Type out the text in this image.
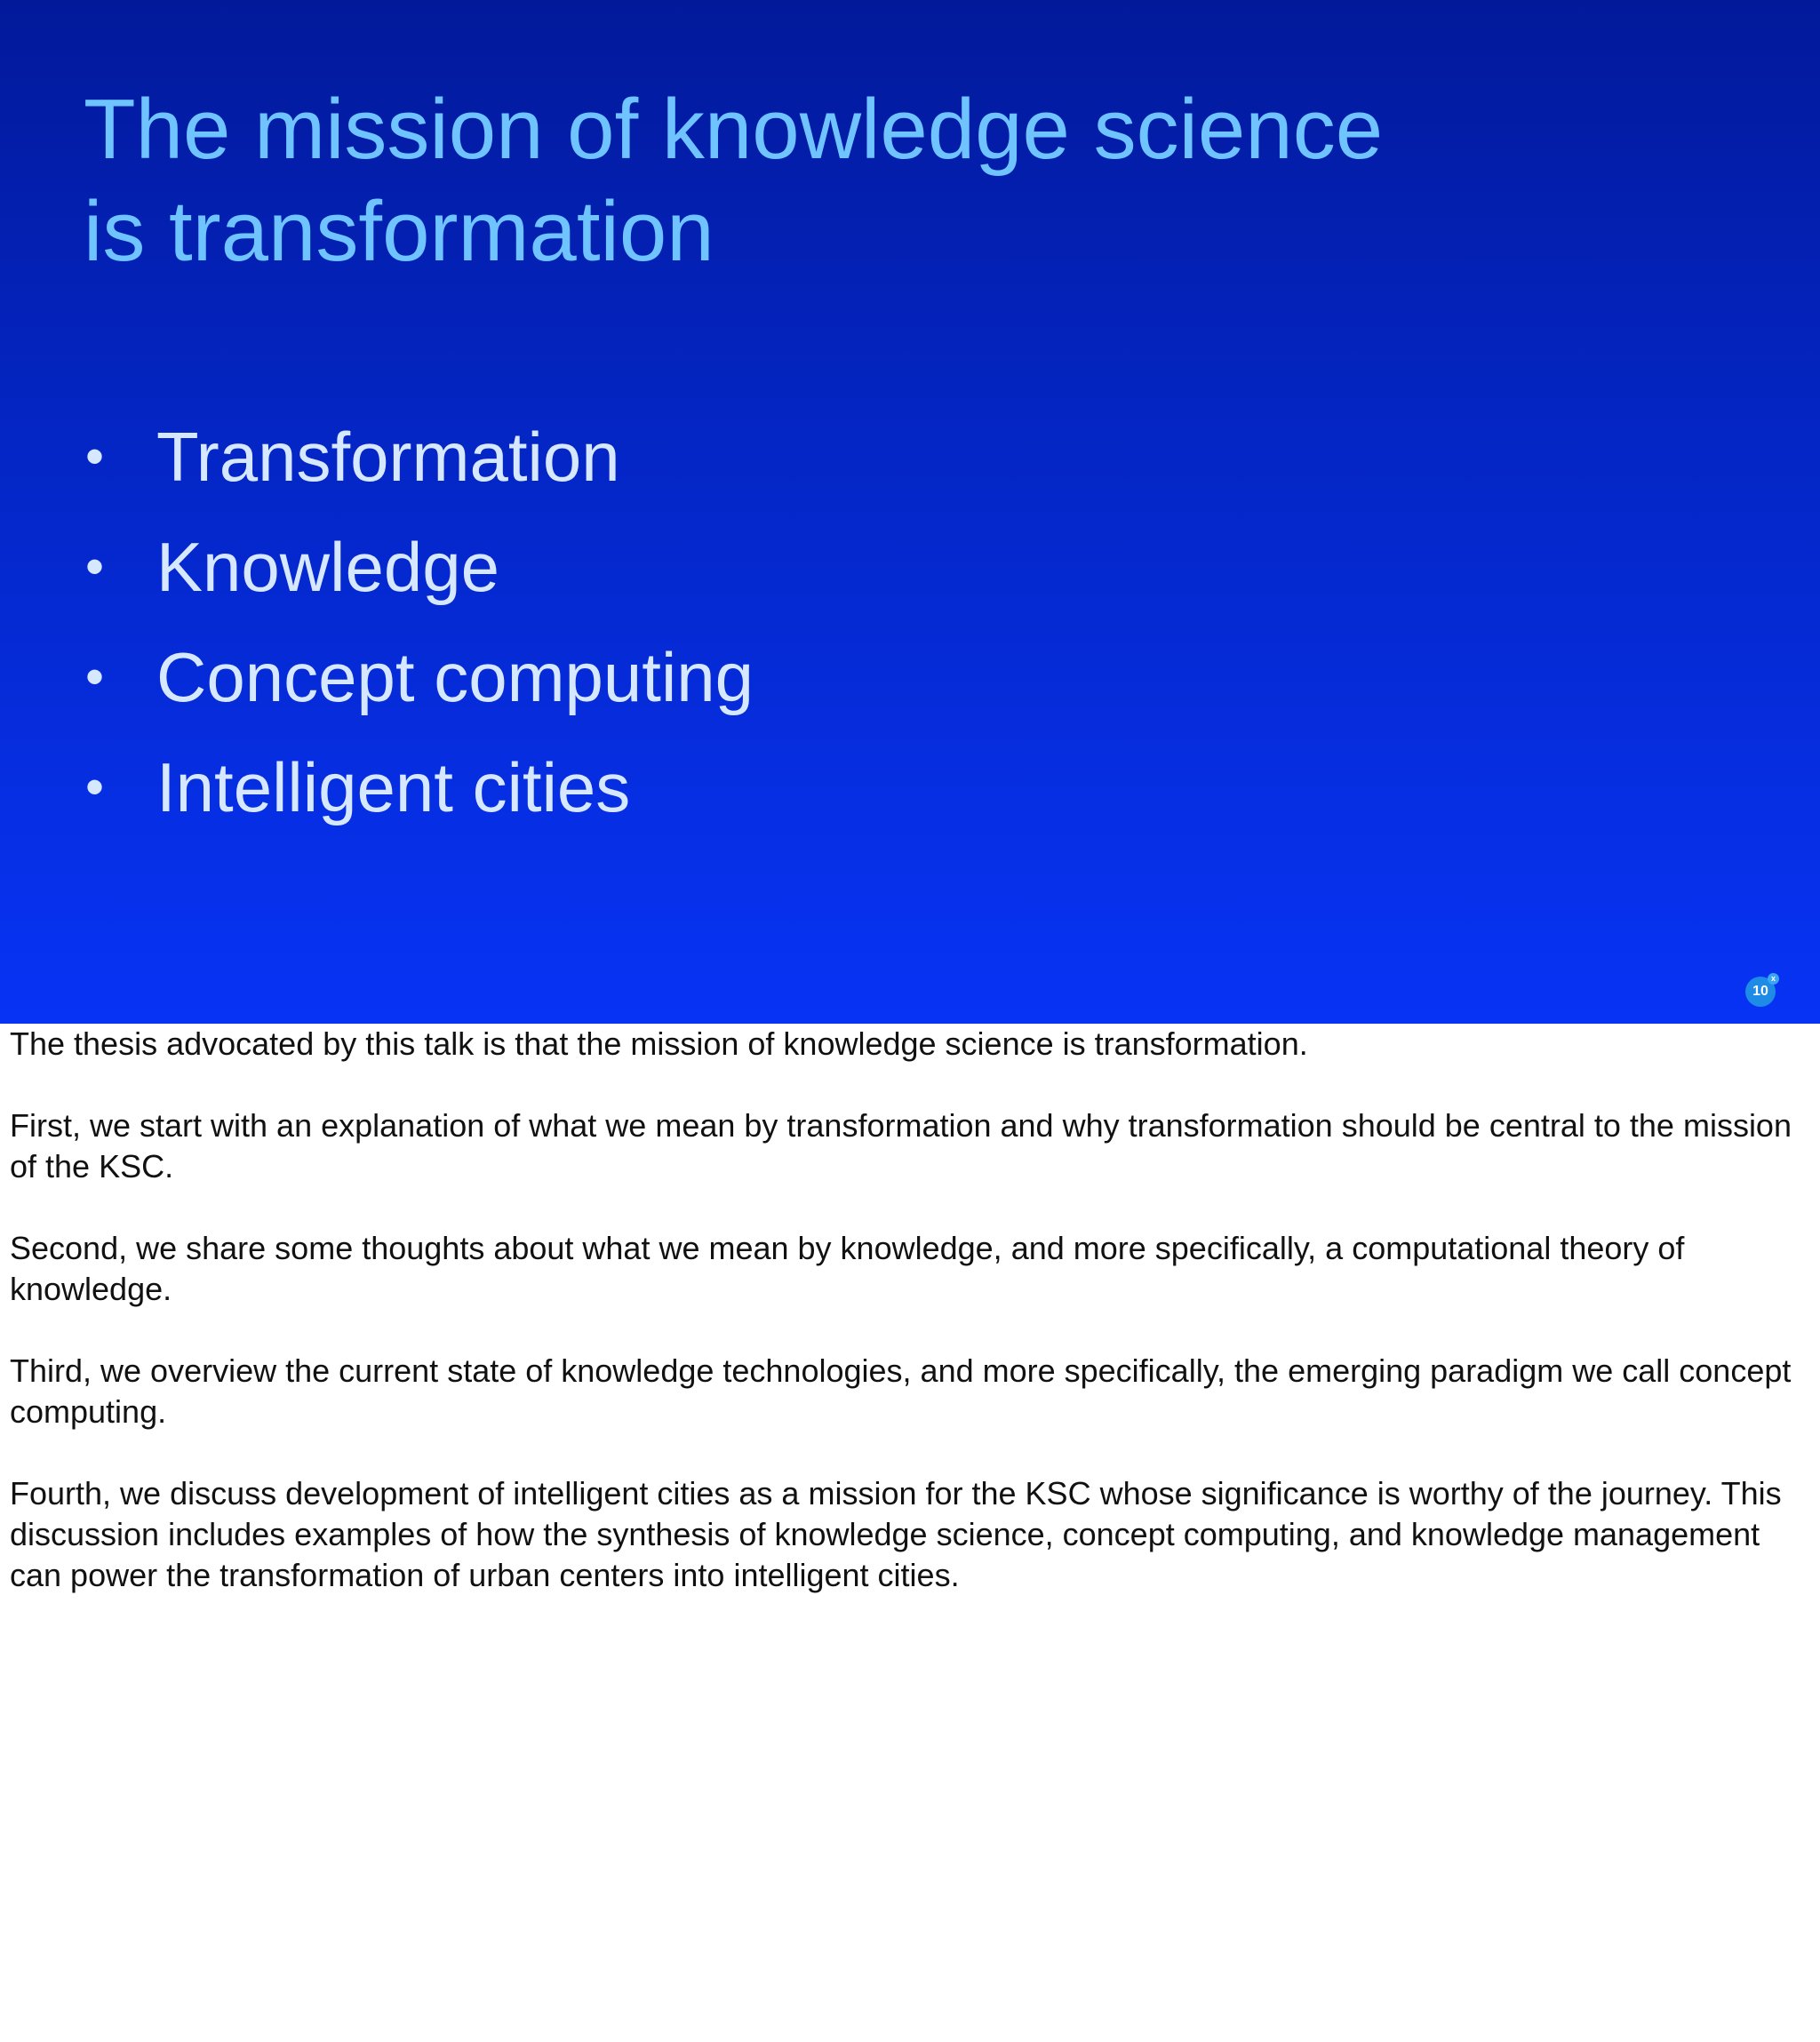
The mission of knowledge science
is transformation
• Transformation
• Knowledge
• Concept computing
• Intelligent cities
10
x

The thesis advocated by this talk is that the mission of knowledge science is transformation.

First, we start with an explanation of what we mean by transformation and why transformation should be central to the mission of the KSC.

Second, we share some thoughts about what we mean by knowledge, and more specifically, a computational theory of knowledge.

Third, we overview the current state of knowledge technologies, and more specifically, the emerging paradigm we call concept computing.

Fourth, we discuss development of intelligent cities as a mission for the KSC whose significance is worthy of the journey. This discussion includes examples of how the synthesis of knowledge science, concept computing, and knowledge management can power the transformation of urban centers into intelligent cities.
